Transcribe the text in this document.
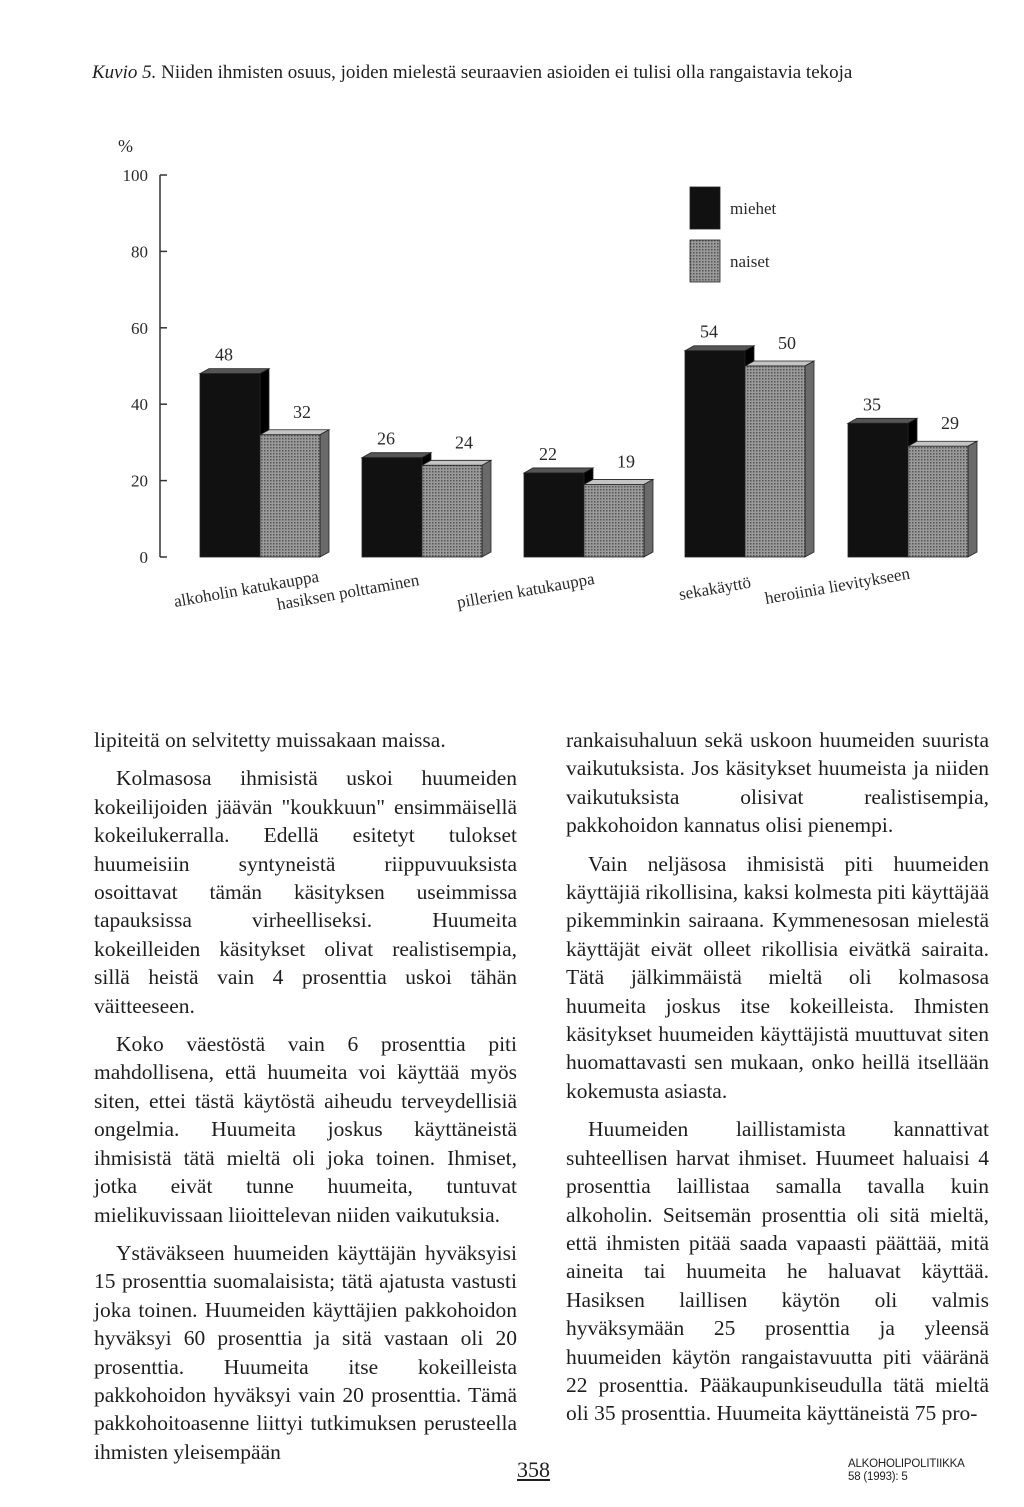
Kuvio 5. Niiden ihmisten osuus, joiden mielestä seuraavien asioiden ei tulisi olla rangaistavia tekoja
%
0
20
40
60
80
100
48
26
22
54
35
32
24
19
50
29
alkoholin katukauppa
hasiksen polttaminen pillerien katukauppa	sekakäyttö heroiinia lievitykseen
miehet
naiset

lipiteitä on selvitetty muissakaan maissa.

Kolmasosa ihmisistä uskoi huumeiden kokeilijoiden jäävän "koukkuun" ensimmäisellä kokeilukerralla. Edellä esitetyt tulokset huumeisiin syntyneistä riippuvuuksista osoittavat tämän käsityksen useimmissa tapauksissa virheelliseksi. Huumeita kokeilleiden käsitykset olivat realistisempia, sillä heistä vain 4 prosenttia uskoi tähän väitteeseen.

Koko väestöstä vain 6 prosenttia piti mahdollisena, että huumeita voi käyttää myös siten, ettei tästä käytöstä aiheudu terveydellisiä ongelmia. Huumeita joskus käyttäneistä ihmisistä tätä mieltä oli joka toinen. Ihmiset, jotka eivät tunne huumeita, tuntuvat mielikuvissaan liioittelevan niiden vaikutuksia.

Ystäväkseen huumeiden käyttäjän hyväksyisi 15 prosenttia suomalaisista; tätä ajatusta vastusti joka toinen. Huumeiden käyttäjien pakkohoidon hyväksyi 60 prosenttia ja sitä vastaan oli 20 prosenttia. Huumeita itse kokeilleista pakkohoidon hyväksyi vain 20 prosenttia. Tämä pakkohoitoasenne liittyi tutkimuksen perusteella ihmisten yleisempään

rankaisuhaluun sekä uskoon huumeiden suurista vaikutuksista. Jos käsitykset huumeista ja niiden vaikutuksista olisivat realistisempia, pakkohoidon kannatus olisi pienempi.

Vain neljäsosa ihmisistä piti huumeiden käyttäjiä rikollisina, kaksi kolmesta piti käyttäjää pikemminkin sairaana. Kymmenesosan mielestä käyttäjät eivät olleet rikollisia eivätkä sairaita. Tätä jälkimmäistä mieltä oli kolmasosa huumeita joskus itse kokeilleista. Ihmisten käsitykset huumeiden käyttäjistä muuttuvat siten huomattavasti sen mukaan, onko heillä itsellään kokemusta asiasta.

Huumeiden laillistamista kannattivat suhteellisen harvat ihmiset. Huumeet haluaisi 4 prosenttia laillistaa samalla tavalla kuin alkoholin. Seitsemän prosenttia oli sitä mieltä, että ihmisten pitää saada vapaasti päättää, mitä aineita tai huumeita he haluavat käyttää. Hasiksen laillisen käytön oli valmis hyväksymään 25 prosenttia ja yleensä huumeiden käytön rangaistavuutta piti vääränä 22 prosenttia. Pääkaupunkiseudulla tätä mieltä oli 35 prosenttia. Huumeita käyttäneistä 75 pro-

358	ALKOHOLIPOLITIIKKA
58 (1993): 5
